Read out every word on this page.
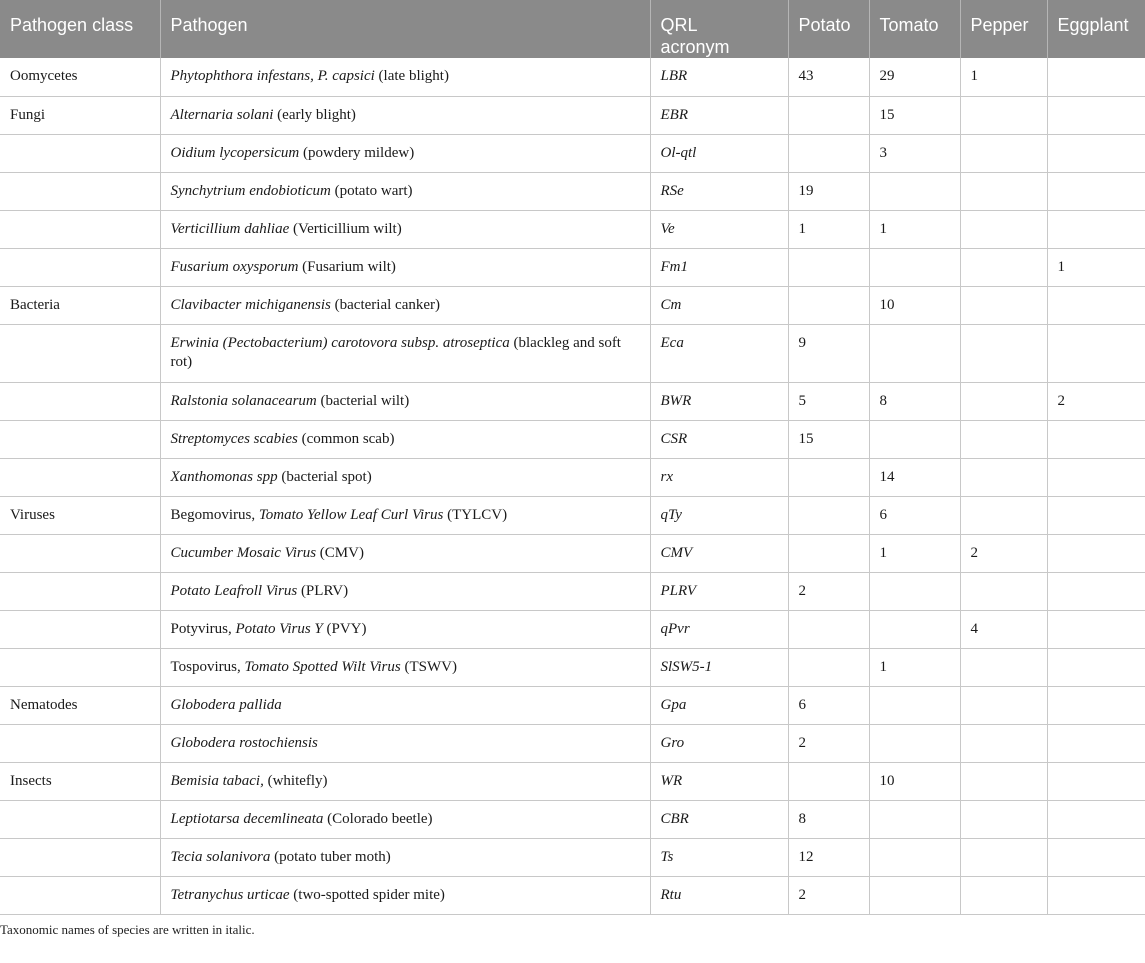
Pathogen class	Pathogen	QRL acronym	Potato	Tomato	Pepper	Eggplant
Oomycetes	Phytophthora infestans, P. capsici (late blight)	LBR	43	29	1	
Fungi	Alternaria solani (early blight)	EBR		15		
	Oidium lycopersicum (powdery mildew)	Ol-qtl		3		
	Synchytrium endobioticum (potato wart)	RSe	19			
	Verticillium dahliae (Verticillium wilt)	Ve	1	1		
	Fusarium oxysporum (Fusarium wilt)	Fm1				1
Bacteria	Clavibacter michiganensis (bacterial canker)	Cm		10		
	Erwinia (Pectobacterium) carotovora subsp. atroseptica (blackleg and soft rot)	Eca	9			
	Ralstonia solanacearum (bacterial wilt)	BWR	5	8		2
	Streptomyces scabies (common scab)	CSR	15			
	Xanthomonas spp (bacterial spot)	rx		14		
Viruses	Begomovirus, Tomato Yellow Leaf Curl Virus (TYLCV)	qTy		6		
	Cucumber Mosaic Virus (CMV)	CMV		1	2	
	Potato Leafroll Virus (PLRV)	PLRV	2			
	Potyvirus, Potato Virus Y (PVY)	qPvr			4	
	Tospovirus, Tomato Spotted Wilt Virus (TSWV)	SlSW5-1		1		
Nematodes	Globodera pallida	Gpa	6			
	Globodera rostochiensis	Gro	2			
Insects	Bemisia tabaci, (whitefly)	WR		10		
	Leptiotarsa decemlineata (Colorado beetle)	CBR	8			
	Tecia solanivora (potato tuber moth)	Ts	12			
	Tetranychus urticae (two-spotted spider mite)	Rtu	2			
Taxonomic names of species are written in italic.
